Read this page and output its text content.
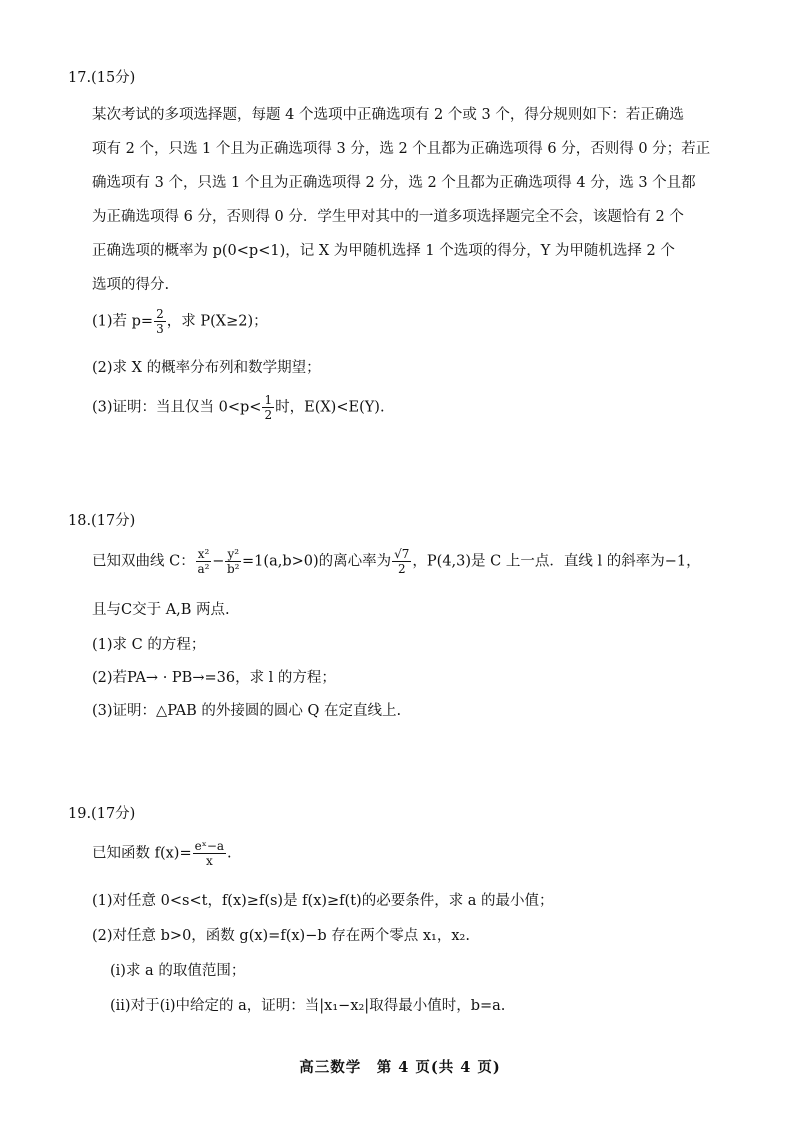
17.(15分)
某次考试的多项选择题，每题 4 个选项中正确选项有 2 个或 3 个，得分规则如下：若正确选
项有 2 个，只选 1 个且为正确选项得 3 分，选 2 个且都为正确选项得 6 分，否则得 0 分；若正
确选项有 3 个，只选 1 个且为正确选项得 2 分，选 2 个且都为正确选项得 4 分，选 3 个且都
为正确选项得 6 分，否则得 0 分．学生甲对其中的一道多项选择题完全不会，该题恰有 2 个
正确选项的概率为 p(0<p<1)，记 X 为甲随机选择 1 个选项的得分，Y 为甲随机选择 2 个
选项的得分.
(1)若 $p= \frac{2}{3}$ ，求 P(X≥2)；
(2)求 X 的概率分布列和数学期望；
(3)证明：当且仅当 $0<p< \frac{1}{2}$ 时，E(X)<E(Y).
18.(17分)
已知双曲线 C： $\frac{\text{x²}}{\text{a²}} - \frac{\text{y²}}{\text{b²}} =1(a,b>0)$的离心率为 $\frac{√7}{2}$ ，P(4,3)是 C 上一点．直线 l 的斜率为−1，
且与C交于 A,B 两点.
(1)求 C 的方程；
(2)若PA→ · PB→=36，求 l 的方程；
(3)证明：△PAB 的外接圆的圆心 Q 在定直线上.
19.(17分)
已知函数 $f(x)= \frac{\text{eˣ−a}}{x}$ .
(1)对任意 0<s<t，f(x)≥f(s)是 f(x)≥f(t)的必要条件，求 a 的最小值；
(2)对任意 b>0，函数 g(x)=f(x)−b 存在两个零点 x₁，x₂.
(i)求 a 的取值范围；
(ii)对于(i)中给定的 a，证明：当|x₁−x₂|取得最小值时，b=a.
高三数学　第 4 页(共 4 页)
